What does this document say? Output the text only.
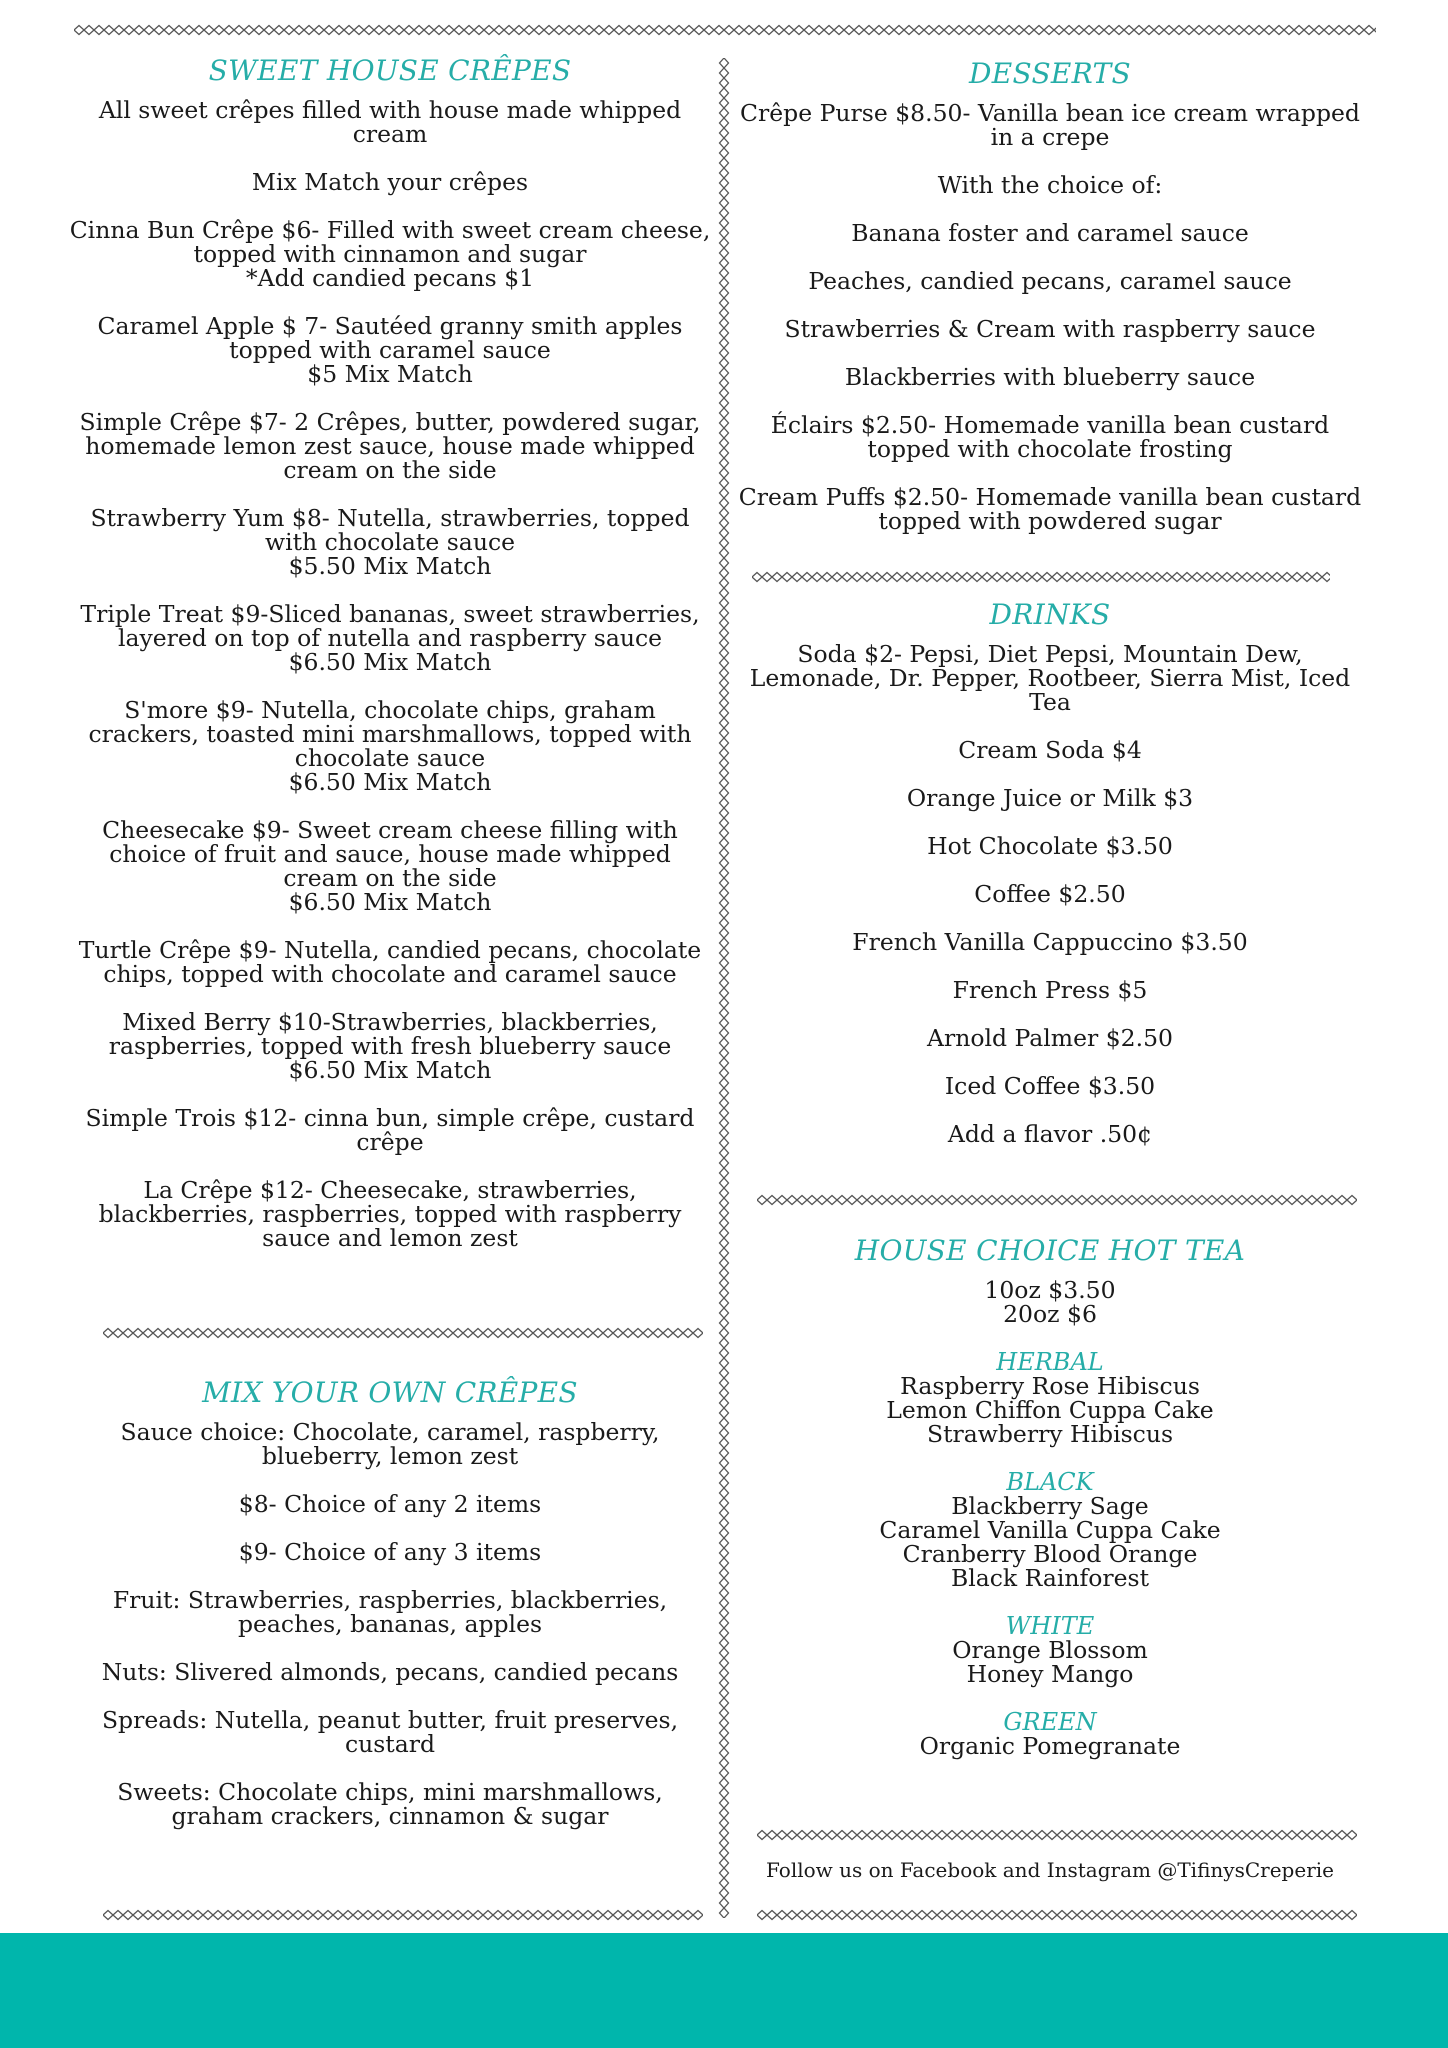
SWEET HOUSE CRÊPES
All sweet crêpes filled with house made whipped
cream
Mix Match your crêpes
Cinna Bun Crêpe $6- Filled with sweet cream cheese,
topped with cinnamon and sugar
*Add candied pecans $1
Caramel Apple $ 7- Sautéed granny smith apples
topped with caramel sauce
$5 Mix Match
Simple Crêpe $7- 2 Crêpes, butter, powdered sugar,
homemade lemon zest sauce, house made whipped
cream on the side
Strawberry Yum $8- Nutella, strawberries, topped
with chocolate sauce
$5.50 Mix Match
Triple Treat $9-Sliced bananas, sweet strawberries,
layered on top of nutella and raspberry sauce
$6.50 Mix Match
S'more $9- Nutella, chocolate chips, graham
crackers, toasted mini marshmallows, topped with
chocolate sauce
$6.50 Mix Match
Cheesecake $9- Sweet cream cheese filling with
choice of fruit and sauce, house made whipped
cream on the side
$6.50 Mix Match
Turtle Crêpe $9- Nutella, candied pecans, chocolate
chips, topped with chocolate and caramel sauce
Mixed Berry $10-Strawberries, blackberries,
raspberries, topped with fresh blueberry sauce
$6.50 Mix Match
Simple Trois $12- cinna bun, simple crêpe, custard
crêpe
La Crêpe $12- Cheesecake, strawberries,
blackberries, raspberries, topped with raspberry
sauce and lemon zest
MIX YOUR OWN CRÊPES
Sauce choice: Chocolate, caramel, raspberry,
blueberry, lemon zest
$8- Choice of any 2 items
$9- Choice of any 3 items
Fruit: Strawberries, raspberries, blackberries,
peaches, bananas, apples
Nuts: Slivered almonds, pecans, candied pecans
Spreads: Nutella, peanut butter, fruit preserves,
custard
Sweets: Chocolate chips, mini marshmallows,
graham crackers, cinnamon & sugar
DESSERTS
Crêpe Purse $8.50- Vanilla bean ice cream wrapped
in a crepe
With the choice of:
Banana foster and caramel sauce
Peaches, candied pecans, caramel sauce
Strawberries & Cream with raspberry sauce
Blackberries with blueberry sauce
Éclairs $2.50- Homemade vanilla bean custard
topped with chocolate frosting
Cream Puffs $2.50- Homemade vanilla bean custard
topped with powdered sugar
DRINKS
Soda $2- Pepsi, Diet Pepsi, Mountain Dew,
Lemonade, Dr. Pepper, Rootbeer, Sierra Mist, Iced
Tea
Cream Soda $4
Orange Juice or Milk $3
Hot Chocolate $3.50
Coffee $2.50
French Vanilla Cappuccino $3.50
French Press $5
Arnold Palmer $2.50
Iced Coffee $3.50
Add a flavor .50¢
HOUSE CHOICE HOT TEA
10oz $3.50
20oz $6
HERBAL
Raspberry Rose Hibiscus
Lemon Chiffon Cuppa Cake
Strawberry Hibiscus
BLACK
Blackberry Sage
Caramel Vanilla Cuppa Cake
Cranberry Blood Orange
Black Rainforest
WHITE
Orange Blossom
Honey Mango
GREEN
Organic Pomegranate
Follow us on Facebook and Instagram @TifinysCreperie
